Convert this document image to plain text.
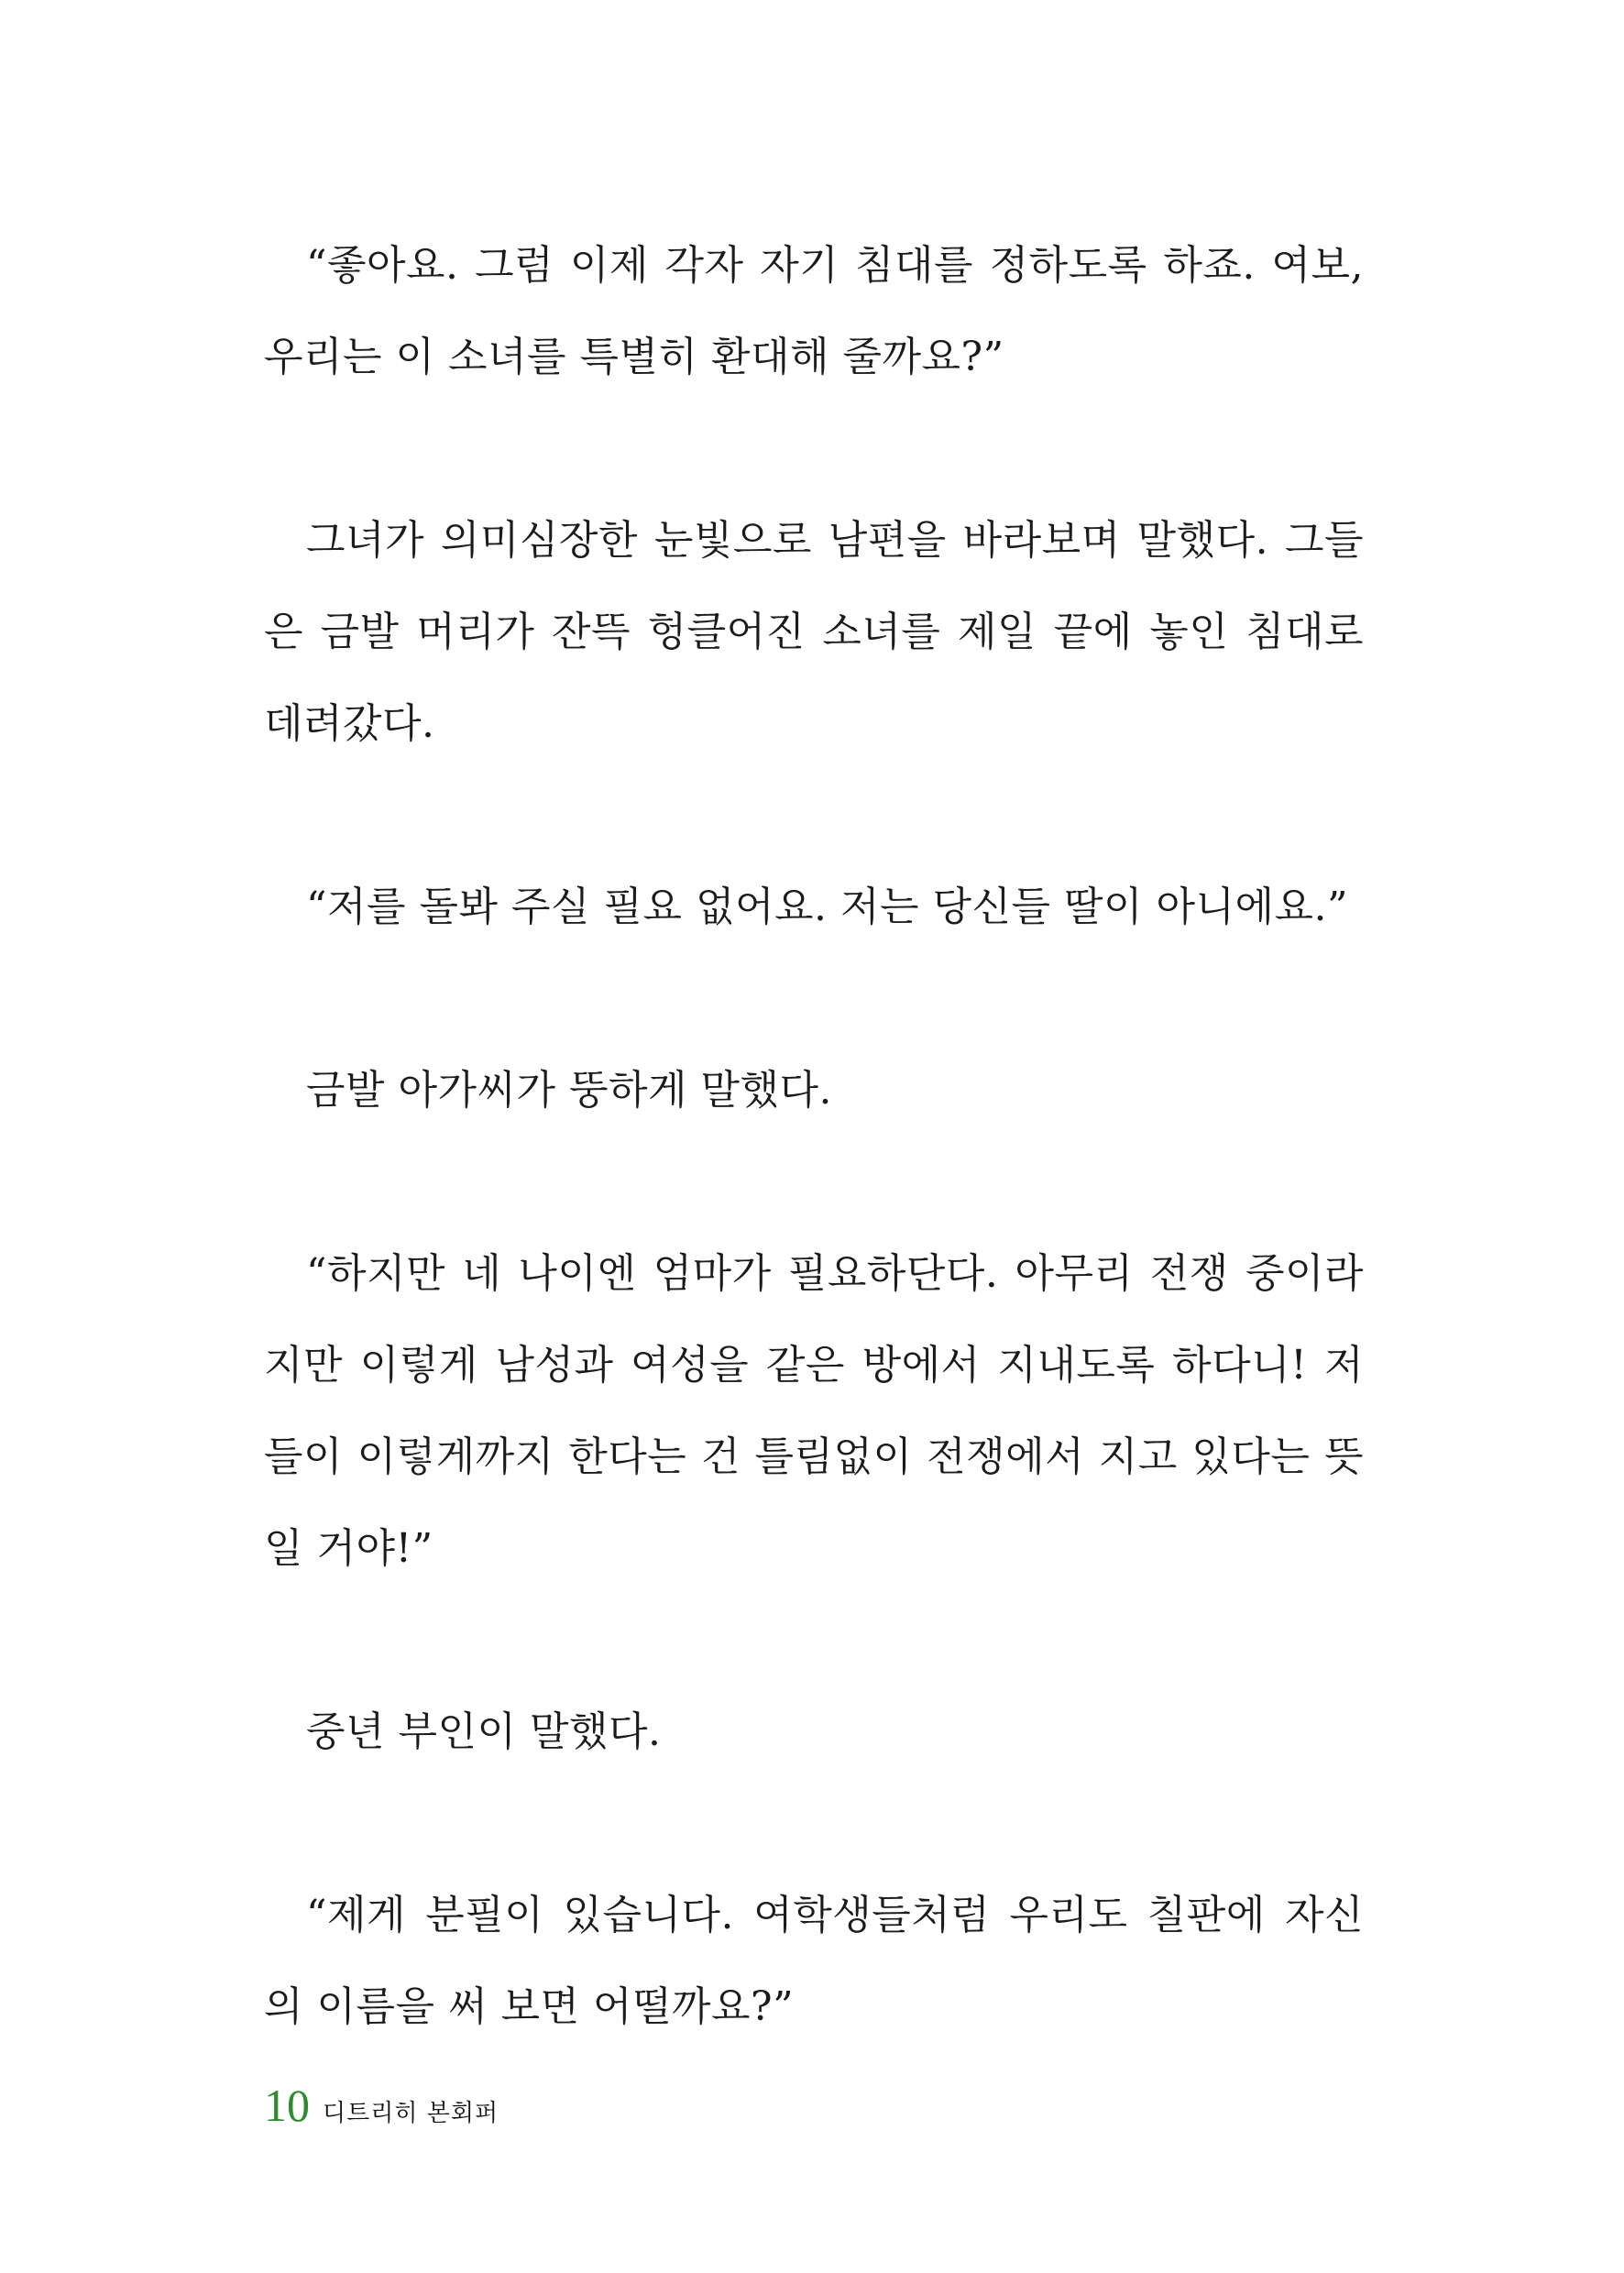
“좋아요. 그럼 이제 각자 자기 침대를 정하도록 하죠. 여보, 우리는 이 소녀를 특별히 환대해 줄까요?”

그녀가 의미심장한 눈빛으로 남편을 바라보며 말했다. 그들은 금발 머리가 잔뜩 헝클어진 소녀를 제일 끝에 놓인 침대로 데려갔다.

“저를 돌봐 주실 필요 없어요. 저는 당신들 딸이 아니에요.”

금발 아가씨가 뚱하게 말했다.

“하지만 네 나이엔 엄마가 필요하단다. 아무리 전쟁 중이라지만 이렇게 남성과 여성을 같은 방에서 지내도록 하다니! 저들이 이렇게까지 한다는 건 틀림없이 전쟁에서 지고 있다는 뜻일 거야!”

중년 부인이 말했다.

“제게 분필이 있습니다. 여학생들처럼 우리도 칠판에 자신의 이름을 써 보면 어떨까요?”

10 디트리히 본회퍼
